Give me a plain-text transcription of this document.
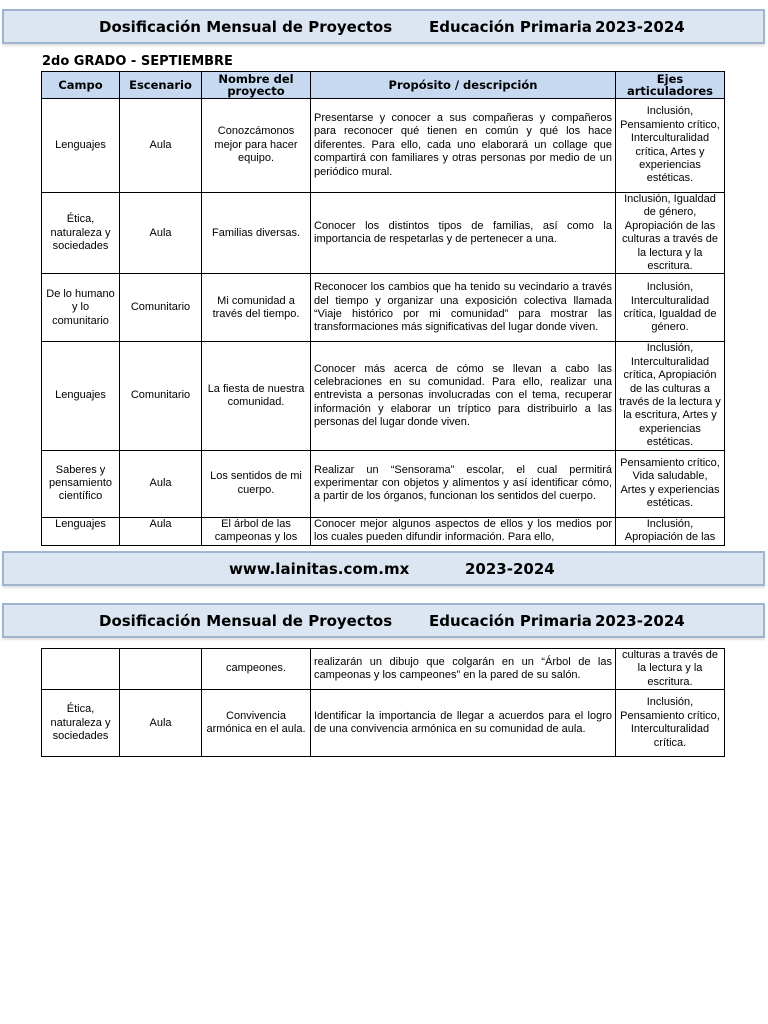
Dosificación Mensual de Proyectos Educación Primaria 2023-2024
2do GRADO - SEPTIEMBRE
Campo	Escenario	Nombre del proyecto	Propósito / descripción	Ejes articuladores
Lenguajes	Aula	Conozcámonos mejor para hacer equipo.	Presentarse y conocer a sus compañeras y compañeros para reconocer qué tienen en común y qué los hace diferentes. Para ello, cada uno elaborará un collage que compartirá con familiares y otras personas por medio de un periódico mural.	Inclusión, Pensamiento crítico, Interculturalidad crítica, Artes y experiencias estéticas.
Ética, naturaleza y sociedades	Aula	Familias diversas.	Conocer los distintos tipos de familias, así como la importancia de respetarlas y de pertenecer a una.	Inclusión, Igualdad de género, Apropiación de las culturas a través de la lectura y la escritura.
De lo humano y lo comunitario	Comunitario	Mi comunidad a través del tiempo.	Reconocer los cambios que ha tenido su vecindario a través del tiempo y organizar una exposición colectiva llamada “Viaje histórico por mi comunidad” para mostrar las transformaciones más significativas del lugar donde viven.	Inclusión, Interculturalidad crítica, Igualdad de género.
Lenguajes	Comunitario	La fiesta de nuestra comunidad.	Conocer más acerca de cómo se llevan a cabo las celebraciones en su comunidad. Para ello, realizar una entrevista a personas involucradas con el tema, recuperar información y elaborar un tríptico para distribuirlo a las personas del lugar donde viven.	Inclusión, Interculturalidad crítica, Apropiación de las culturas a través de la lectura y la escritura, Artes y experiencias estéticas.
Saberes y pensamiento científico	Aula	Los sentidos de mi cuerpo.	Realizar un “Sensorama” escolar, el cual permitirá experimentar con objetos y alimentos y así identificar cómo, a partir de los órganos, funcionan los sentidos del cuerpo.	Pensamiento crítico, Vida saludable, Artes y experiencias estéticas.
Lenguajes	Aula	El árbol de las campeonas y los	Conocer mejor algunos aspectos de ellos y los medios por los cuales pueden difundir información. Para ello,	Inclusión, Apropiación de las
www.lainitas.com.mx	2023-2024
Dosificación Mensual de Proyectos Educación Primaria 2023-2024
		campeones.	realizarán un dibujo que colgarán en un “Árbol de las campeonas y los campeones” en la pared de su salón.	culturas a través de la lectura y la escritura.
Ética, naturaleza y sociedades	Aula	Convivencia armónica en el aula.	Identificar la importancia de llegar a acuerdos para el logro de una convivencia armónica en su comunidad de aula.	Inclusión, Pensamiento crítico, Interculturalidad crítica.
